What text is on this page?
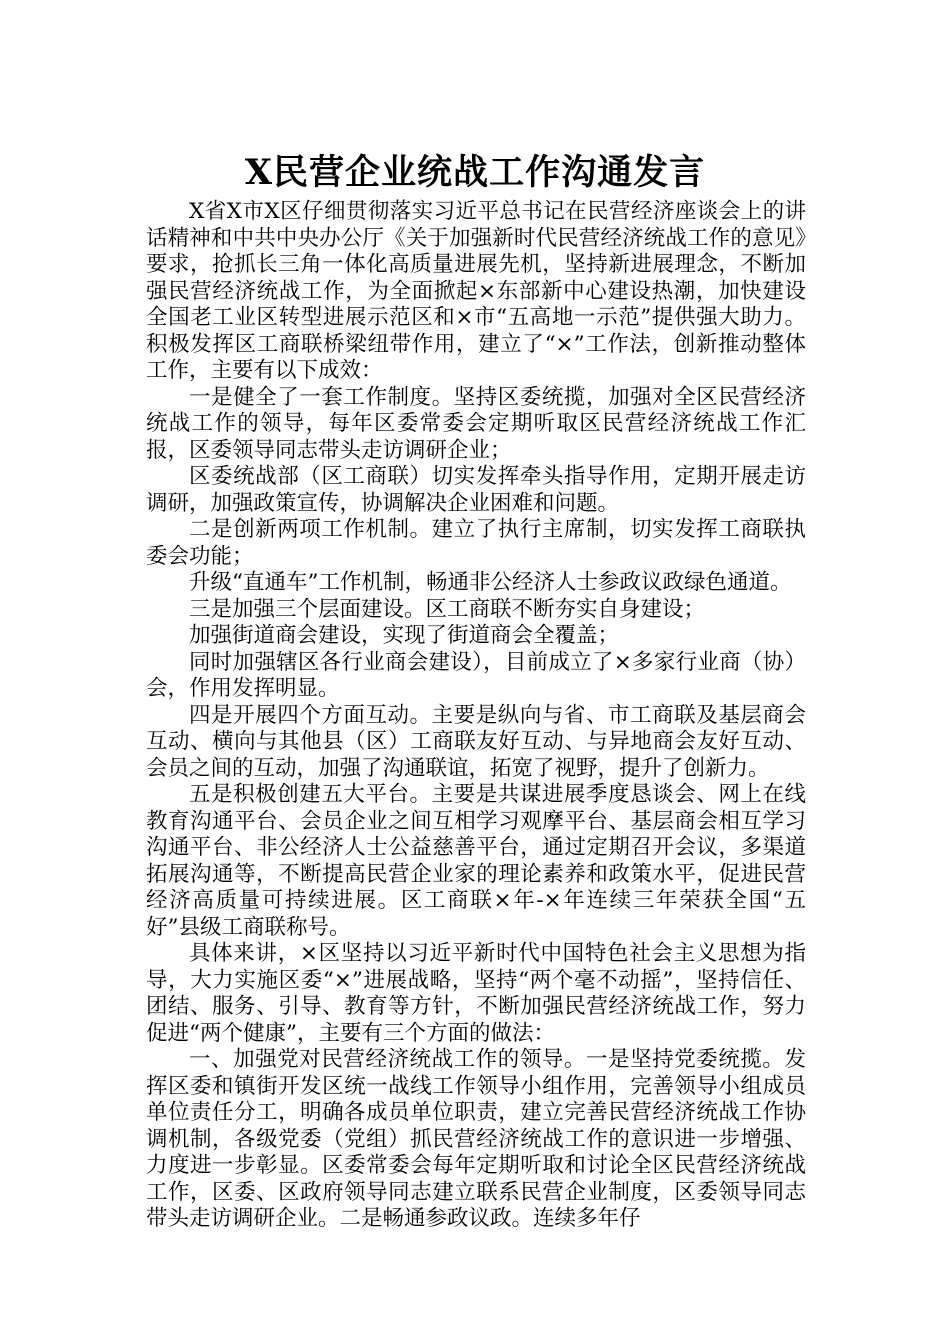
X民营企业统战工作沟通发言

X省X市X区仔细贯彻落实习近平总书记在民营经济座谈会上的讲话精神和中共中央办公厅《关于加强新时代民营经济统战工作的意见》要求，抢抓长三角一体化高质量进展先机，坚持新进展理念，不断加强民营经济统战工作，为全面掀起×东部新中心建设热潮，加快建设全国老工业区转型进展示范区和×市“五高地一示范”提供强大助力。积极发挥区工商联桥梁纽带作用，建立了“×”工作法，创新推动整体工作，主要有以下成效：

一是健全了一套工作制度。坚持区委统揽，加强对全区民营经济统战工作的领导，每年区委常委会定期听取区民营经济统战工作汇报，区委领导同志带头走访调研企业；

区委统战部（区工商联）切实发挥牵头指导作用，定期开展走访调研，加强政策宣传，协调解决企业困难和问题。

二是创新两项工作机制。建立了执行主席制，切实发挥工商联执委会功能；

升级“直通车”工作机制，畅通非公经济人士参政议政绿色通道。

三是加强三个层面建设。区工商联不断夯实自身建设；

加强街道商会建设，实现了街道商会全覆盖；

同时加强辖区各行业商会建设），目前成立了×多家行业商（协）会，作用发挥明显。

四是开展四个方面互动。主要是纵向与省、市工商联及基层商会互动、横向与其他县（区）工商联友好互动、与异地商会友好互动、会员之间的互动，加强了沟通联谊，拓宽了视野，提升了创新力。

五是积极创建五大平台。主要是共谋进展季度恳谈会、网上在线教育沟通平台、会员企业之间互相学习观摩平台、基层商会相互学习沟通平台、非公经济人士公益慈善平台，通过定期召开会议，多渠道拓展沟通等，不断提高民营企业家的理论素养和政策水平，促进民营经济高质量可持续进展。区工商联×年-×年连续三年荣获全国“五好”县级工商联称号。

具体来讲，×区坚持以习近平新时代中国特色社会主义思想为指导，大力实施区委“×”进展战略，坚持“两个毫不动摇”，坚持信任、团结、服务、引导、教育等方针，不断加强民营经济统战工作，努力促进“两个健康”，主要有三个方面的做法：

一、加强党对民营经济统战工作的领导。一是坚持党委统揽。发挥区委和镇街开发区统一战线工作领导小组作用，完善领导小组成员单位责任分工，明确各成员单位职责，建立完善民营经济统战工作协调机制，各级党委（党组）抓民营经济统战工作的意识进一步增强、力度进一步彰显。区委常委会每年定期听取和讨论全区民营经济统战工作，区委、区政府领导同志建立联系民营企业制度，区委领导同志带头走访调研企业。二是畅通参政议政。连续多年仔
